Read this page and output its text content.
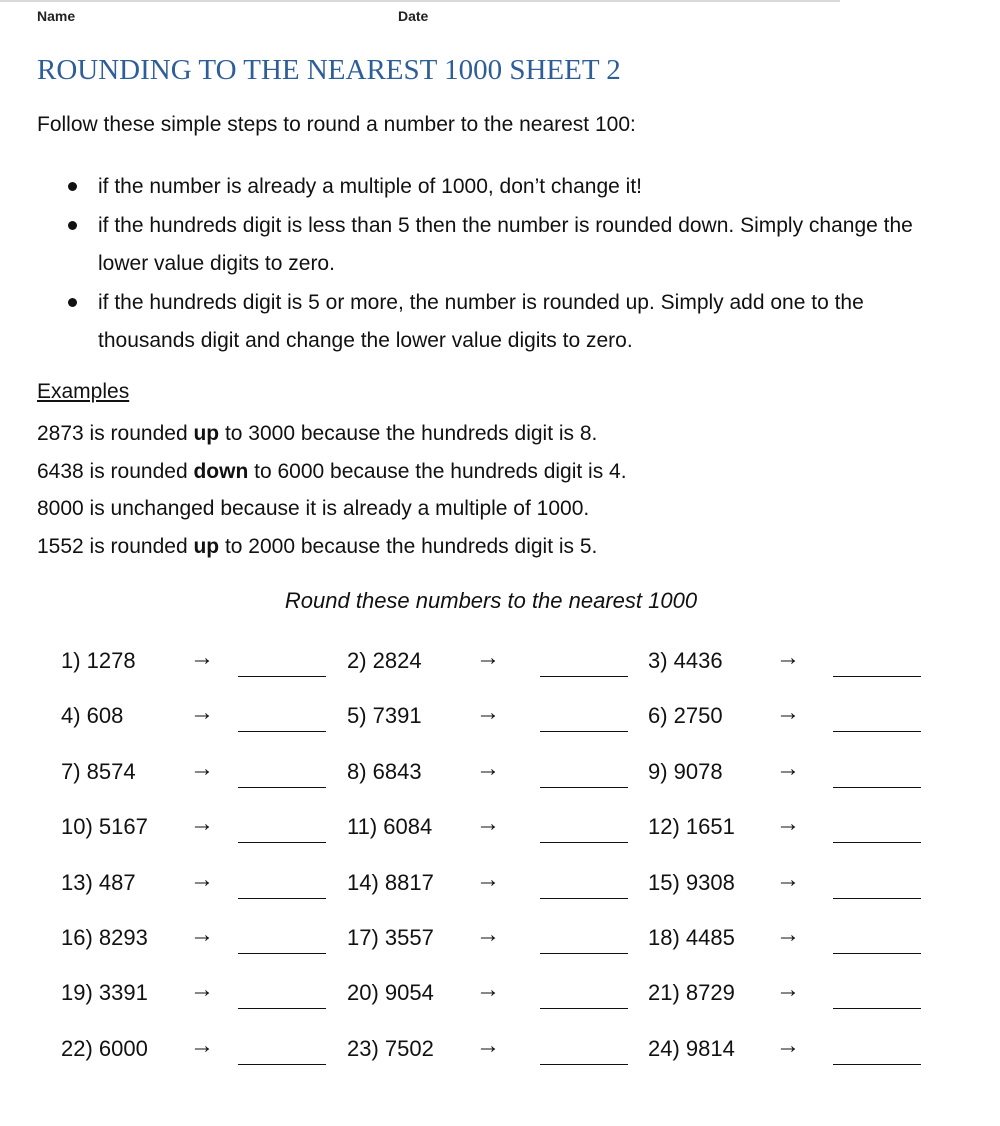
Name	Date
ROUNDING TO THE NEAREST 1000 SHEET 2
Follow these simple steps to round a number to the nearest 100:
if the number is already a multiple of 1000, don’t change it!
if the hundreds digit is less than 5 then the number is rounded down. Simply change the lower value digits to zero.
if the hundreds digit is 5 or more, the number is rounded up. Simply add one to the thousands digit and change the lower value digits to zero.
Examples
2873 is rounded up to 3000 because the hundreds digit is 8.
6438 is rounded down to 6000 because the hundreds digit is 4.
8000 is unchanged because it is already a multiple of 1000.
1552 is rounded up to 2000 because the hundreds digit is 5.
Round these numbers to the nearest 1000
1) 1278 →	2) 2824 →	3) 4436 →
4) 608	→	5) 7391 →	6) 2750 →
7) 8574 →	8) 6843 →	9) 9078 →
10) 5167 →	11) 6084 →	12) 1651 →
13) 487 →	14) 8817 →	15) 9308 →
16) 8293 →	17) 3557 →	18) 4485 →
19) 3391 →	20) 9054 →	21) 8729 →
22) 6000 →	23) 7502 →	24) 9814 →
